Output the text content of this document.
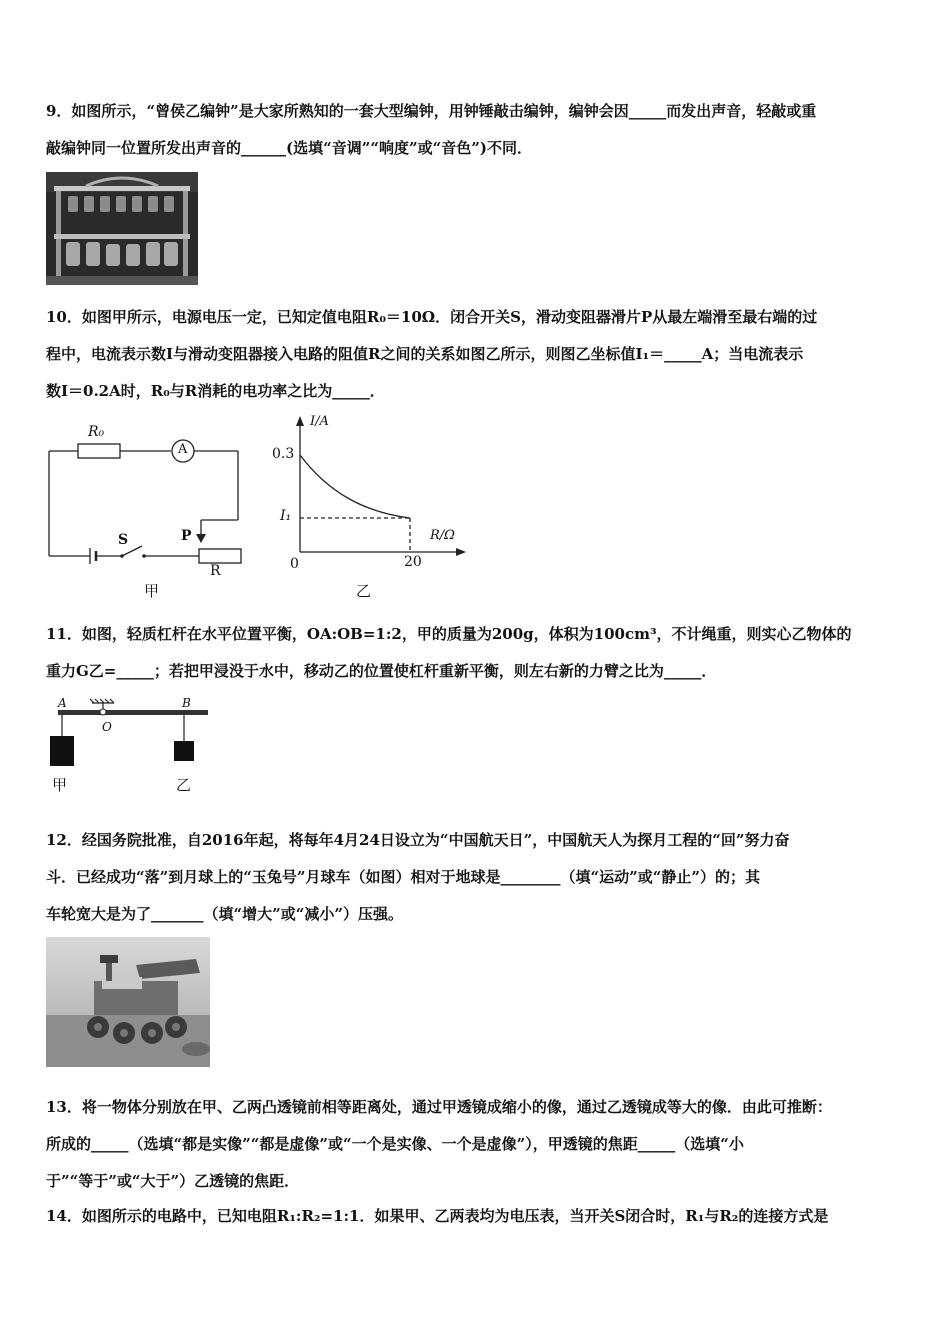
9．如图所示，“曾侯乙编钟”是大家所熟知的一套大型编钟，用钟锤敲击编钟，编钟会因_____而发出声音，轻敲或重
敲编钟同一位置所发出声音的______(选填“音调”“响度”或“音色”)不同．
10．如图甲所示，电源电压一定，已知定值电阻R₀＝10Ω．闭合开关S，滑动变阻器滑片P从最左端滑至最右端的过
程中，电流表示数I与滑动变阻器接入电路的阻值R之间的关系如图乙所示，则图乙坐标值I₁＝_____A；当电流表示
数I＝0.2A时，R₀与R消耗的电功率之比为_____．
R₀
A
S	P
R
甲
I/A
R/Ω
0.3
I₁
0	20
乙
11．如图，轻质杠杆在水平位置平衡，OA:OB=1:2，甲的质量为200g，体积为100cm³，不计绳重，则实心乙物体的
重力G乙=_____；若把甲浸没于水中，移动乙的位置使杠杆重新平衡，则左右新的力臂之比为_____．
A
O
B
甲	乙
12．经国务院批准，自2016年起，将每年4月24日设立为“中国航天日”，中国航天人为探月工程的“回”努力奋
斗．已经成功“落”到月球上的“玉兔号”月球车（如图）相对于地球是________（填“运动”或“静止”）的；其
车轮宽大是为了_______（填“增大”或“减小”）压强。
13．将一物体分别放在甲、乙两凸透镜前相等距离处，通过甲透镜成缩小的像，通过乙透镜成等大的像．由此可推断：
所成的_____（选填“都是实像”“都是虚像”或“一个是实像、一个是虚像”），甲透镜的焦距_____（选填“小
于”“等于”或“大于”）乙透镜的焦距．
14．如图所示的电路中，已知电阻R₁:R₂=1:1．如果甲、乙两表均为电压表，当开关S闭合时，R₁与R₂的连接方式是
